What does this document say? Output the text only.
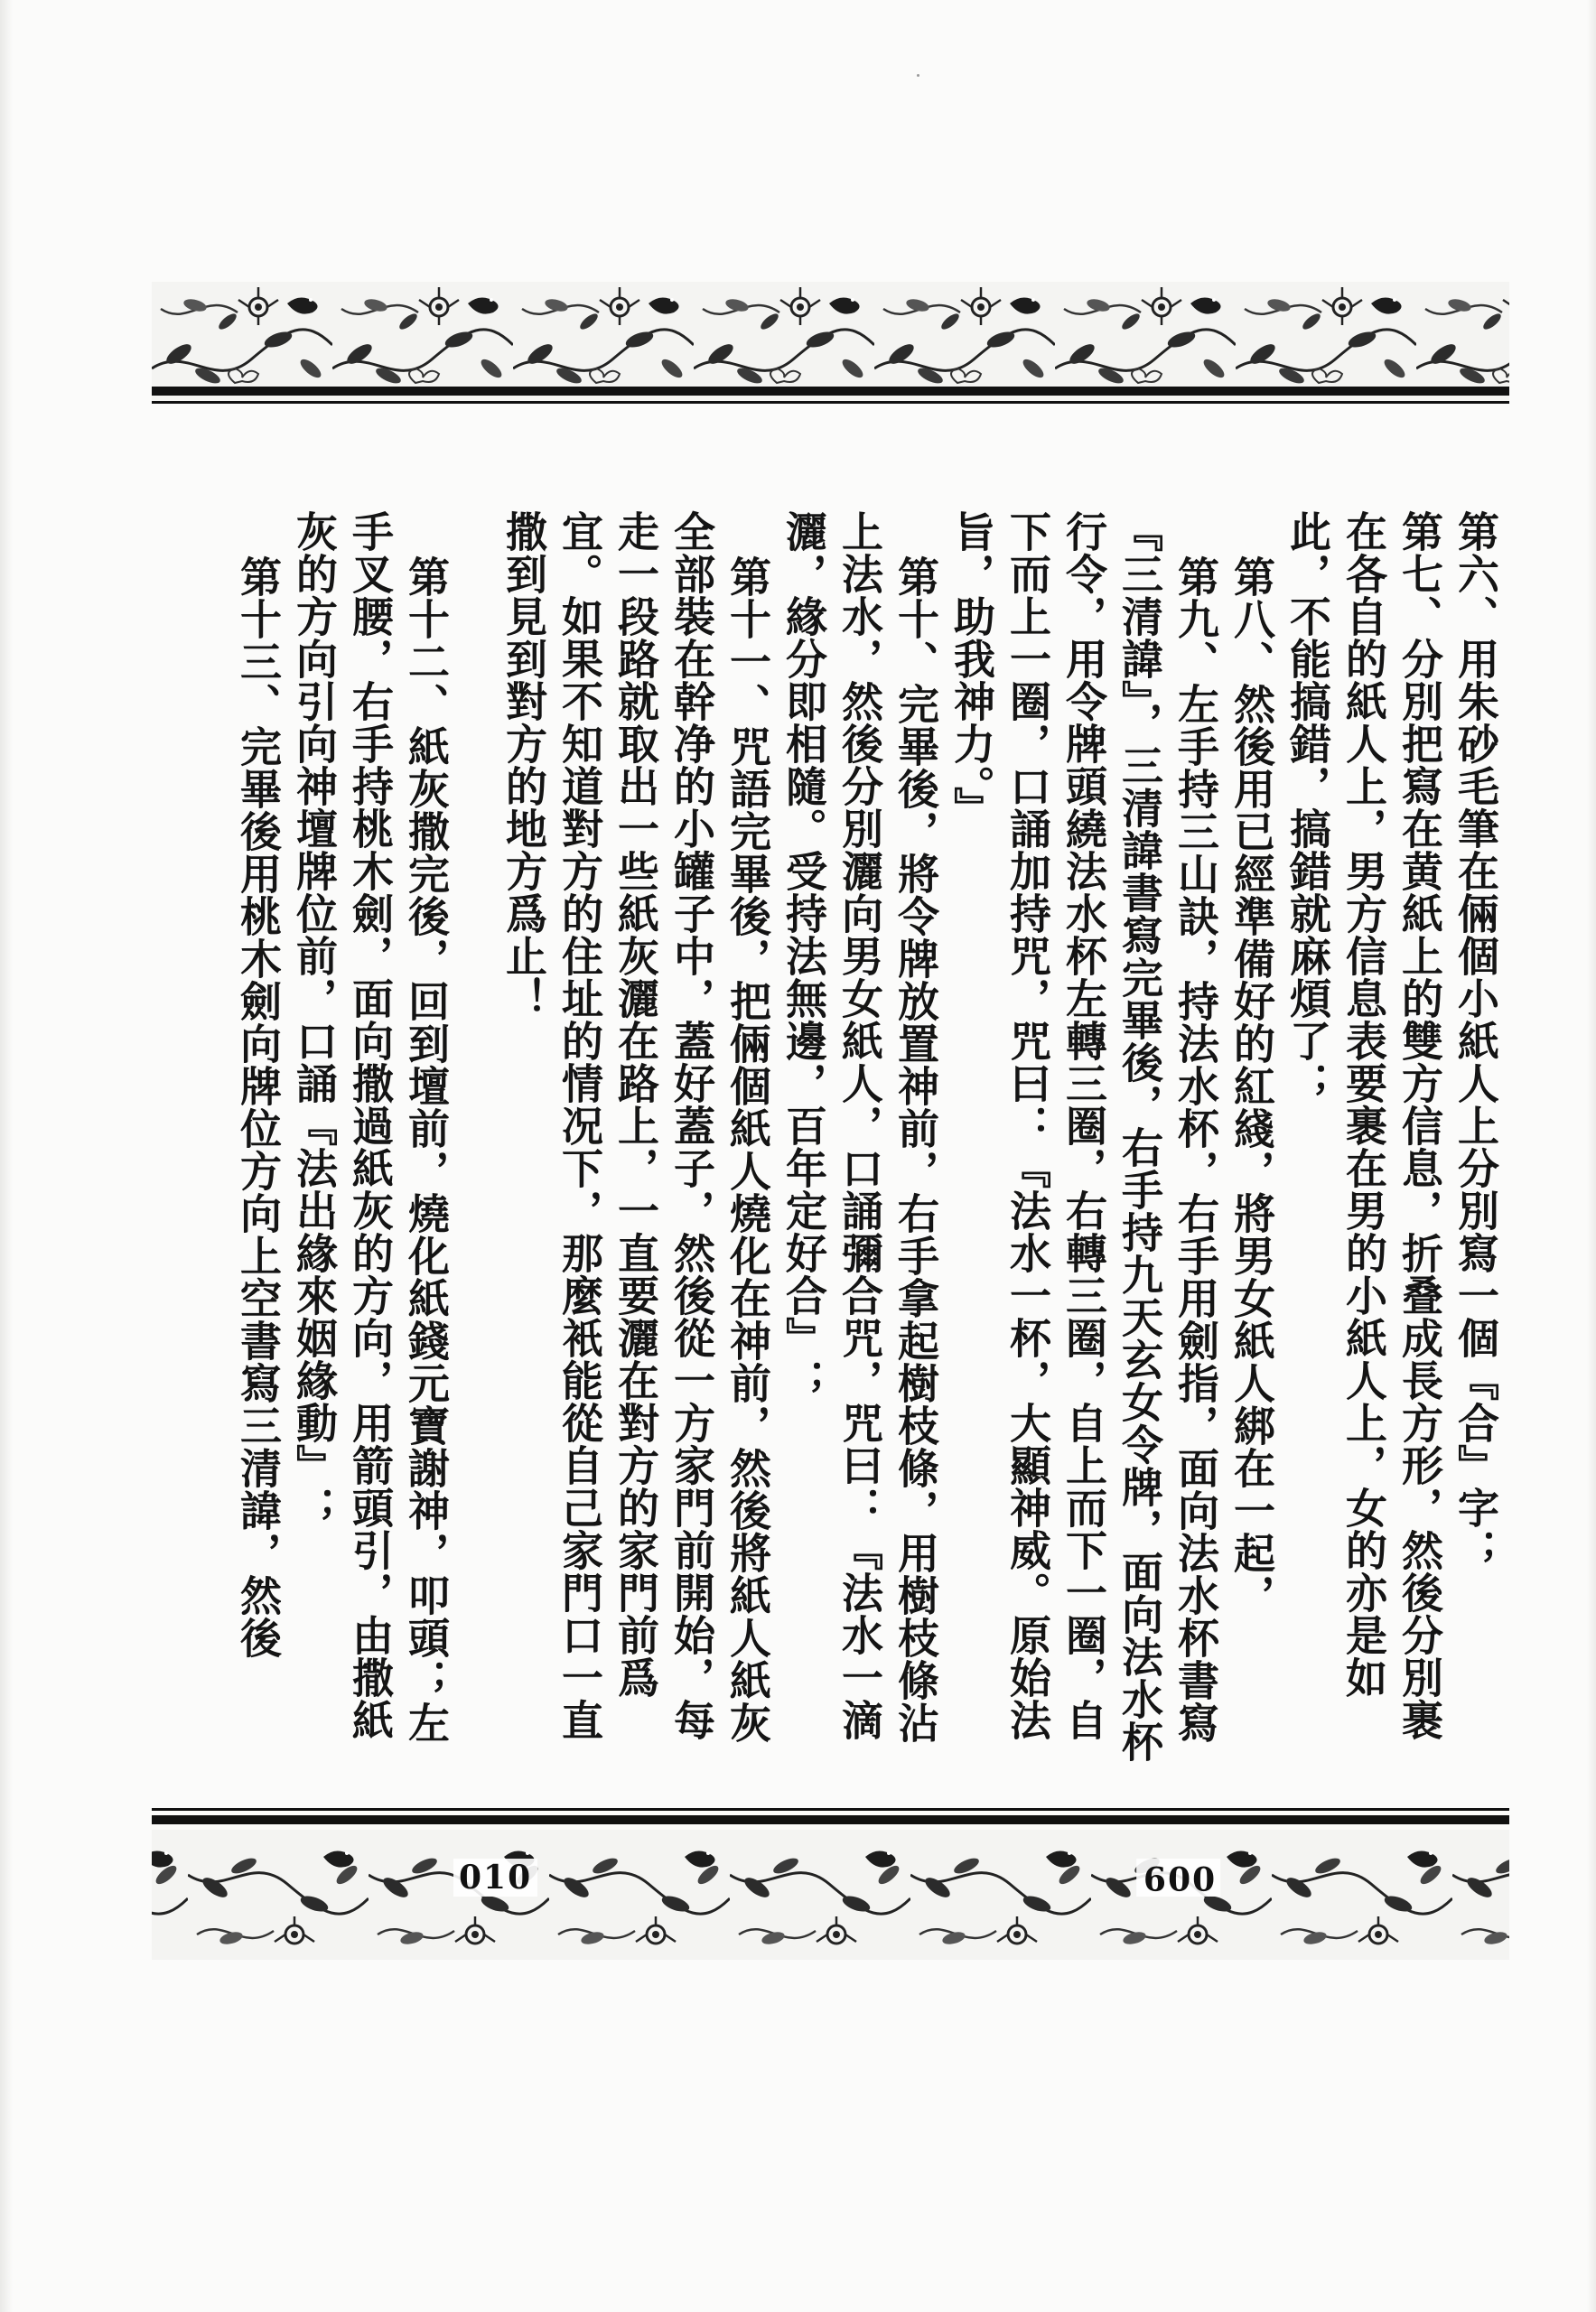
第六、用朱砂毛筆在倆個小紙人上分別寫一個『合』字；

第七、分別把寫在黄紙上的雙方信息，折叠成長方形，然後分別裹在各自的紙人上，男方信息表要裹在男的小紙人上，女的亦是如此，不能搞錯，搞錯就麻煩了；

第八、然後用已經準備好的紅綫，將男女紙人綁在一起，

第九、左手持三山訣，持法水杯，右手用劍指，面向法水杯書寫『三清諱』，三清諱書寫完畢後，右手持九天玄女令牌，面向法水杯行令，用令牌頭繞法水杯左轉三圈，右轉三圈，自上而下一圈，自下而上一圈，口誦加持咒，咒曰：『法水一杯，大顯神威。原始法旨，助我神力。』

第十、完畢後，將令牌放置神前，右手拿起樹枝條，用樹枝條沾上法水，然後分別灑向男女紙人，口誦彌合咒，咒曰：『法水一滴灑，緣分即相隨。受持法無邊，百年定好合』；

第十一、咒語完畢後，把倆個紙人燒化在神前，然後將紙人紙灰全部裝在幹净的小罐子中，蓋好蓋子，然後從一方家門前開始，每走一段路就取出一些紙灰灑在路上，一直要灑在對方的家門前爲宜。如果不知道對方的住址的情况下，那麼衹能從自己家門口一直撒到見到對方的地方爲止！

第十二、紙灰撒完後，回到壇前，燒化紙錢元寶謝神，叩頭；左手叉腰，右手持桃木劍，面向撒過紙灰的方向，用箭頭引，由撒紙灰的方向引向神壇牌位前，口誦『法出緣來姻緣動』；

第十三、完畢後用桃木劍向牌位方向上空書寫三清諱，然後

010	009
